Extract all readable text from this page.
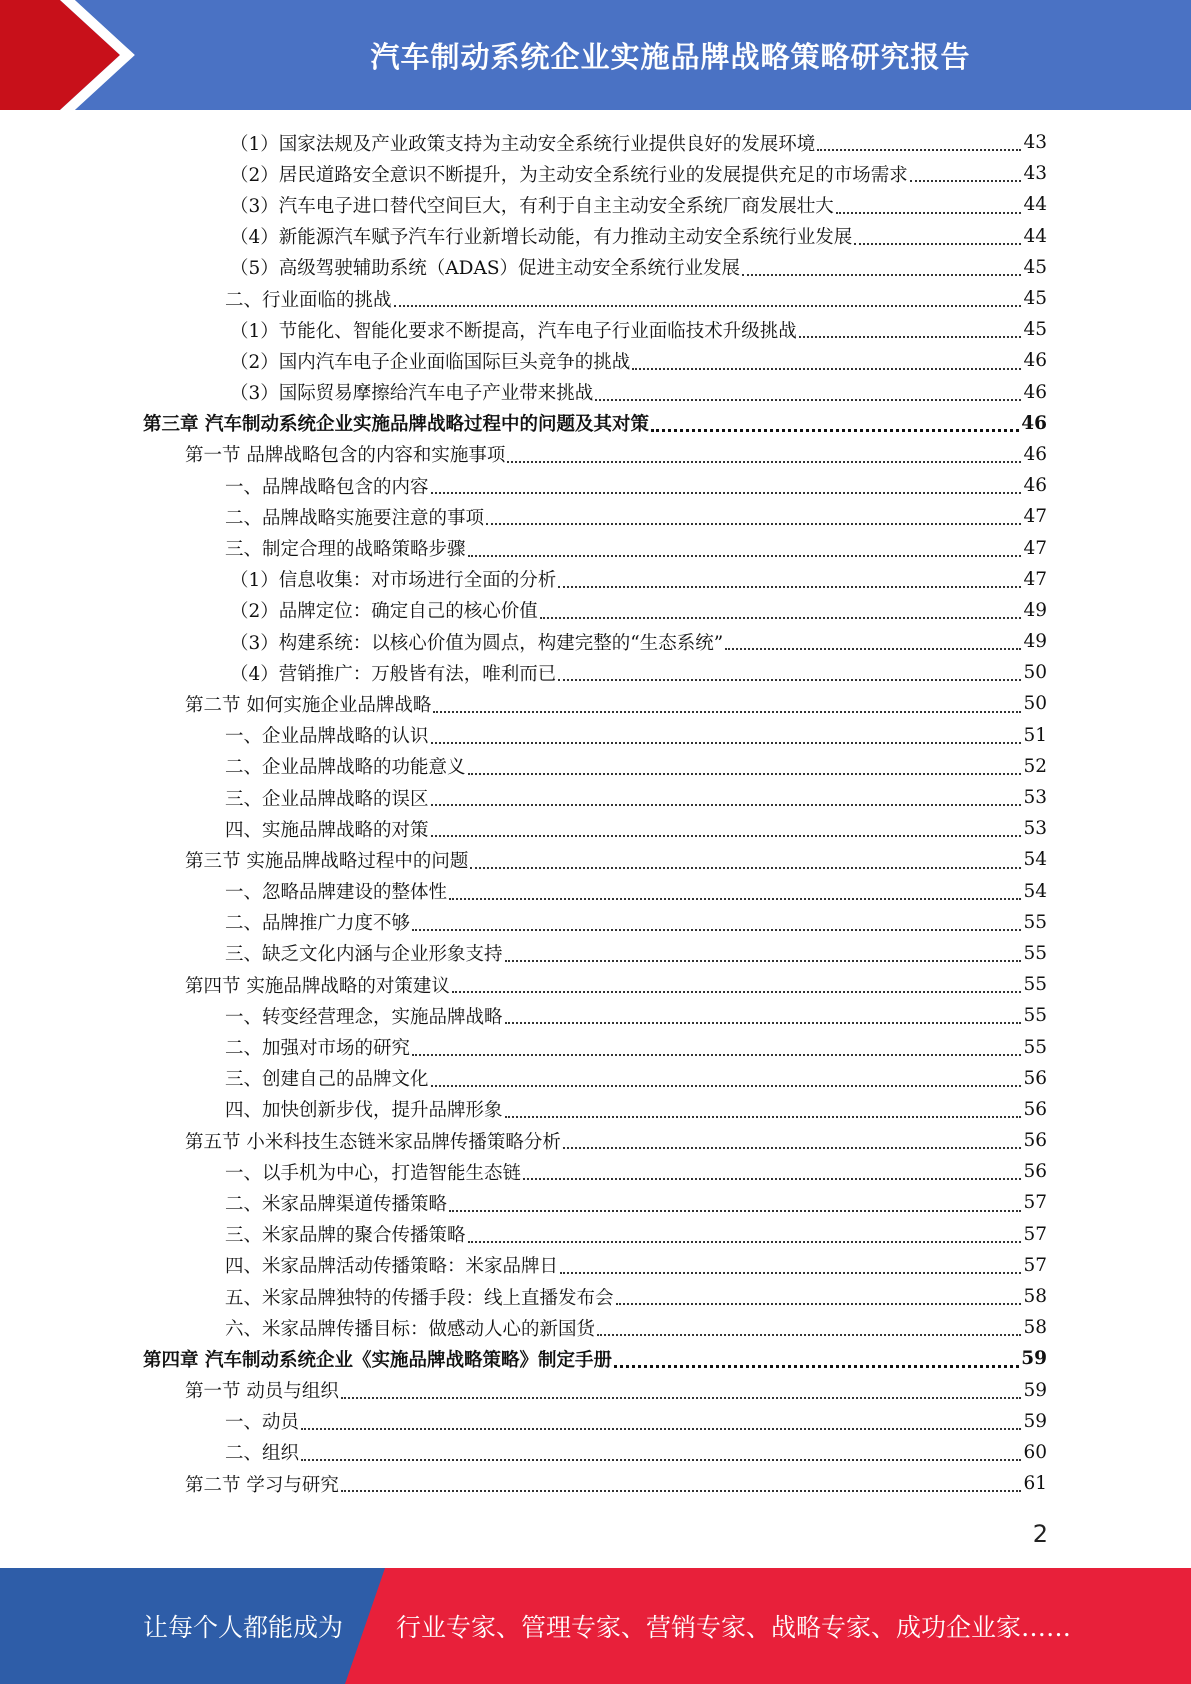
汽车制动系统企业实施品牌战略策略研究报告
（1）国家法规及产业政策支持为主动安全系统行业提供良好的发展环境	43
（2）居民道路安全意识不断提升，为主动安全系统行业的发展提供充足的市场需求	43
（3）汽车电子进口替代空间巨大，有利于自主主动安全系统厂商发展壮大	44
（4）新能源汽车赋予汽车行业新增长动能，有力推动主动安全系统行业发展	44
（5）高级驾驶辅助系统（ADAS）促进主动安全系统行业发展	45
二、行业面临的挑战	45
（1）节能化、智能化要求不断提高，汽车电子行业面临技术升级挑战	45
（2）国内汽车电子企业面临国际巨头竞争的挑战	46
（3）国际贸易摩擦给汽车电子产业带来挑战	46
第三章 汽车制动系统企业实施品牌战略过程中的问题及其对策	46
第一节 品牌战略包含的内容和实施事项	46
一、品牌战略包含的内容	46
二、品牌战略实施要注意的事项	47
三、制定合理的战略策略步骤	47
（1）信息收集：对市场进行全面的分析	47
（2）品牌定位：确定自己的核心价值	49
（3）构建系统：以核心价值为圆点，构建完整的“生态系统”	49
（4）营销推广：万般皆有法，唯利而已	50
第二节 如何实施企业品牌战略	50
一、企业品牌战略的认识	51
二、企业品牌战略的功能意义	52
三、企业品牌战略的误区	53
四、实施品牌战略的对策	53
第三节 实施品牌战略过程中的问题	54
一、忽略品牌建设的整体性	54
二、品牌推广力度不够	55
三、缺乏文化内涵与企业形象支持	55
第四节 实施品牌战略的对策建议	55
一、转变经营理念，实施品牌战略	55
二、加强对市场的研究	55
三、创建自己的品牌文化	56
四、加快创新步伐，提升品牌形象	56
第五节 小米科技生态链米家品牌传播策略分析	56
一、以手机为中心，打造智能生态链	56
二、米家品牌渠道传播策略	57
三、米家品牌的聚合传播策略	57
四、米家品牌活动传播策略：米家品牌日	57
五、米家品牌独特的传播手段：线上直播发布会	58
六、米家品牌传播目标：做感动人心的新国货	58
第四章 汽车制动系统企业《实施品牌战略策略》制定手册	59
第一节 动员与组织	59
一、动员	59
二、组织	60
第二节 学习与研究	61
2
让每个人都能成为 行业专家、管理专家、营销专家、战略专家、成功企业家……
